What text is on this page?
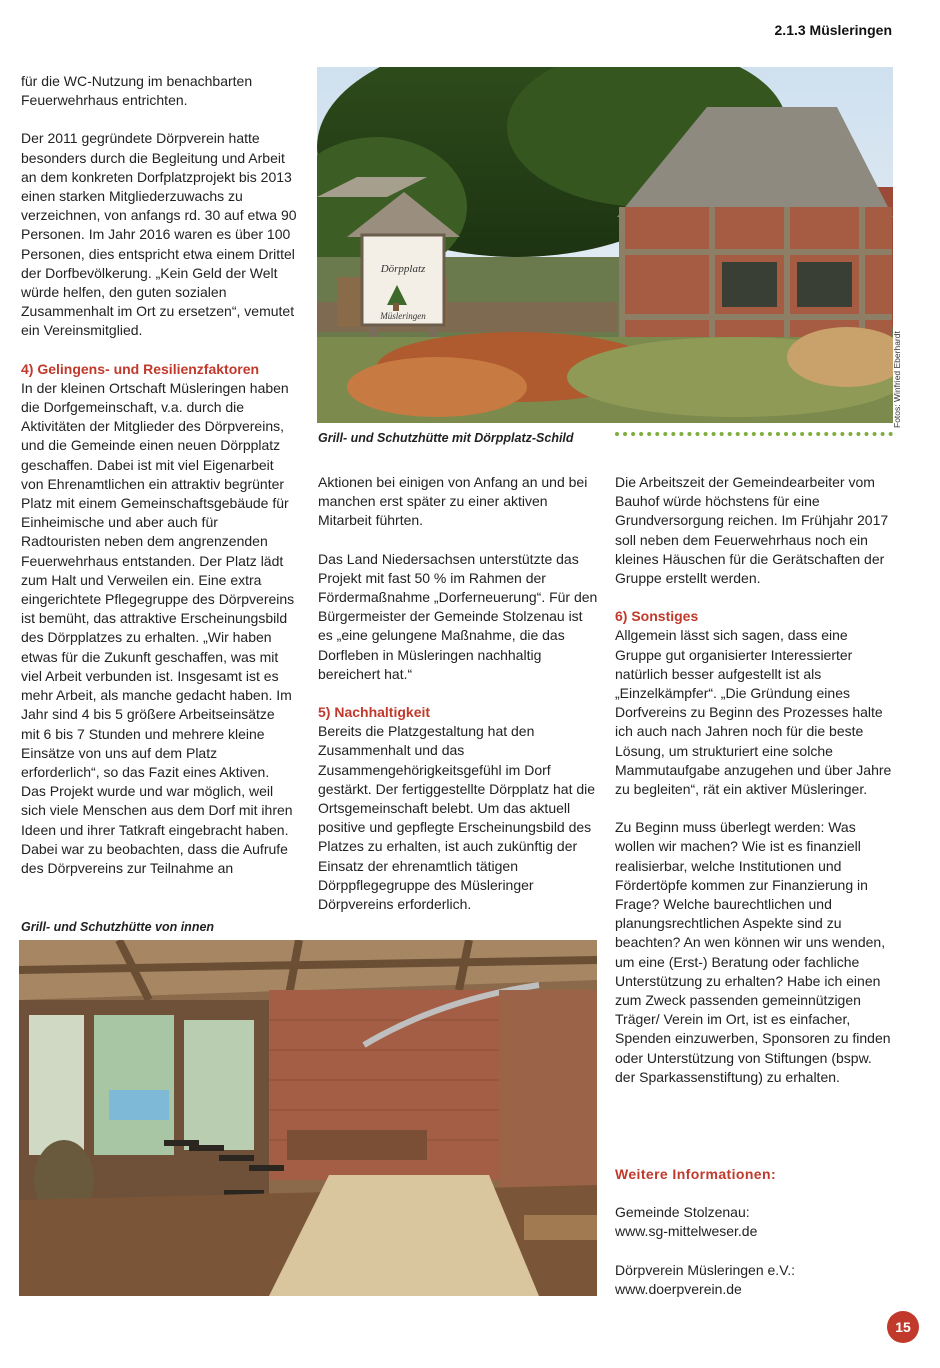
2.1.3 Müsleringen

für die WC-Nutzung im benachbarten Feuerwehrhaus entrichten.

Der 2011 gegründete Dörpverein hatte besonders durch die Begleitung und Arbeit an dem konkreten Dorfplatzprojekt bis 2013 einen starken Mitgliederzuwachs zu verzeichnen, von anfangs rd. 30 auf etwa 90 Personen. Im Jahr 2016 waren es über 100 Personen, dies entspricht etwa einem Drittel der Dorfbevölkerung. „Kein Geld der Welt würde helfen, den guten sozialen Zusammenhalt im Ort zu ersetzen“, vemutet ein Vereinsmitglied.

4) Gelingens- und Resilienzfaktoren

In der kleinen Ortschaft Müsleringen haben die Dorfgemeinschaft, v.a. durch die Aktivitäten der Mitglieder des Dörpvereins, und die Gemeinde einen neuen Dörpplatz geschaffen. Dabei ist mit viel Eigenarbeit von Ehrenamtlichen ein attraktiv begrünter Platz mit einem Gemeinschaftsgebäude für Einheimische und aber auch für Radtouristen neben dem angrenzenden Feuerwehrhaus entstanden. Der Platz lädt zum Halt und Verweilen ein. Eine extra eingerichtete Pflegegruppe des Dörpvereins ist bemüht, das attraktive Erscheinungsbild des Dörpplatzes zu erhalten. „Wir haben etwas für die Zukunft geschaffen, was mit viel Arbeit verbunden ist. Insgesamt ist es mehr Arbeit, als manche gedacht haben. Im Jahr sind 4 bis 5 größere Arbeitseinsätze mit 6 bis 7 Stunden und mehrere kleine Einsätze von uns auf dem Platz erforderlich“, so das Fazit eines Aktiven. Das Projekt wurde und war möglich, weil sich viele Menschen aus dem Dorf mit ihren Ideen und ihrer Tatkraft eingebracht haben. Dabei war zu beobachten, dass die Aufrufe des Dörpvereins zur Teilnahme an

Dörpplatz
Müsleringen
Fotos: Winfried Eberhardt
Grill- und Schutzhütte mit Dörpplatz-Schild

Aktionen bei einigen von Anfang an und bei manchen erst später zu einer aktiven Mitarbeit führten.

Das Land Niedersachsen unterstützte das Projekt mit fast 50 % im Rahmen der Fördermaßnahme „Dorferneuerung“. Für den Bürgermeister der Gemeinde Stolzenau ist es „eine gelungene Maßnahme, die das Dorfleben in Müsleringen nachhaltig bereichert hat.“

5) Nachhaltigkeit

Bereits die Platzgestaltung hat den Zusammenhalt und das Zusammengehörigkeitsgefühl im Dorf gestärkt. Der fertiggestellte Dörpplatz hat die Ortsgemeinschaft belebt. Um das aktuell positive und gepflegte Erscheinungsbild des Platzes zu erhalten, ist auch zukünftig der Einsatz der ehrenamtlich tätigen Dörppflegegruppe des Müsleringer Dörpvereins erforderlich.

Die Arbeitszeit der Gemeindearbeiter vom Bauhof würde höchstens für eine Grundversorgung reichen. Im Frühjahr 2017 soll neben dem Feuerwehrhaus noch ein kleines Häuschen für die Gerätschaften der Gruppe erstellt werden.

6) Sonstiges

Allgemein lässt sich sagen, dass eine Gruppe gut organisierter Interessierter natürlich besser aufgestellt ist als „Einzelkämpfer“. „Die Gründung eines Dorfvereins zu Beginn des Prozesses halte ich auch nach Jahren noch für die beste Lösung, um strukturiert eine solche Mammutaufgabe anzugehen und über Jahre zu begleiten“, rät ein aktiver Müsleringer.

Zu Beginn muss überlegt werden: Was wollen wir machen? Wie ist es finanziell realisierbar, welche Institutionen und Fördertöpfe kommen zur Finanzierung in Frage? Welche baurechtlichen und planungsrechtlichen Aspekte sind zu beachten? An wen können wir uns wenden, um eine (Erst-) Beratung oder fachliche Unterstützung zu erhalten? Habe ich einen zum Zweck passenden gemeinnützigen Träger/ Verein im Ort, ist es einfacher, Spenden einzuwerben, Sponsoren zu finden oder Unterstützung von Stiftungen (bspw. der Sparkassenstiftung) zu erhalten.

Weitere Informationen:
Gemeinde Stolzenau:
www.sg-mittelweser.de
Dörpverein Müsleringen e.V.:
www.doerpverein.de
Grill- und Schutzhütte von innen
15
